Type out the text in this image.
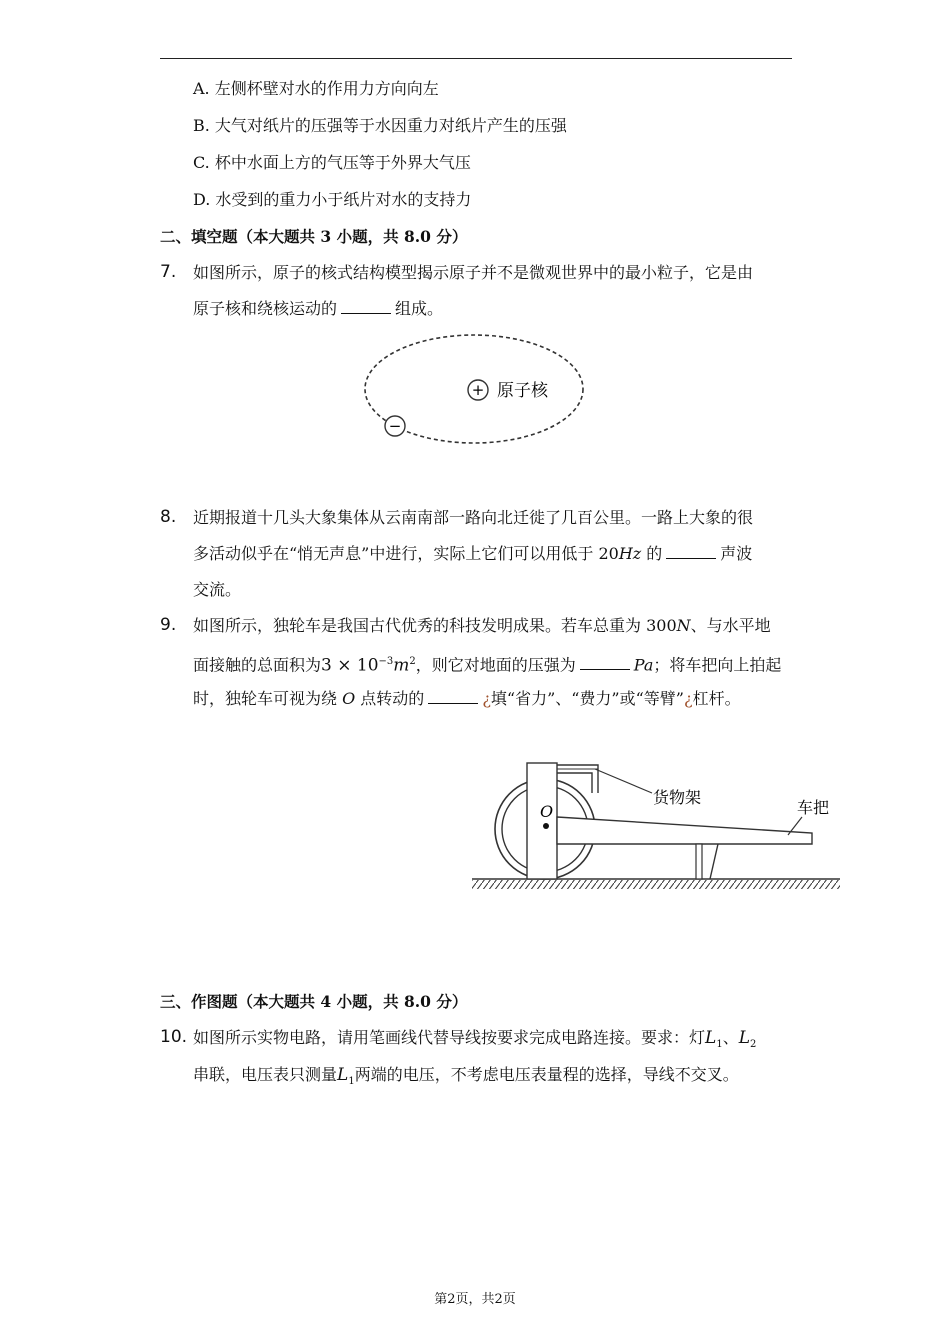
A. 左侧杯壁对水的作用力方向向左
B. 大气对纸片的压强等于水因重力对纸片产生的压强
C. 杯中水面上方的气压等于外界大气压
D. 水受到的重力小于纸片对水的支持力
二、填空题（本大题共 3 小题，共 8.0 分）
7. 如图所示，原子的核式结构模型揭示原子并不是微观世界中的最小粒子，它是由
原子核和绕核运动的	组成。
+ 原子核
−
8. 近期报道十几头大象集体从云南南部一路向北迁徙了几百公里。一路上大象的很
多活动似乎在“悄无声息”中进行，实际上它们可以用低于 20Hz 的	声波
交流。
9. 如图所示，独轮车是我国古代优秀的科技发明成果。若车总重为 300N、与水平地
面接触的总面积为$3 \times 10^{-3}m^2$，则它对地面的压强为	Pa；将车把向上拍起
时，独轮车可视为绕 O 点转动的	¿填“省力”、“费力”或“等臂”¿杠杆。
O
货物架
车把
三、作图题（本大题共 4 小题，共 8.0 分）
10. 如图所示实物电路，请用笔画线代替导线按要求完成电路连接。要求：灯$L_1$、$L_2$
串联，电压表只测量$L_1$两端的电压，不考虑电压表量程的选择，导线不交叉。
第2页，共2页
